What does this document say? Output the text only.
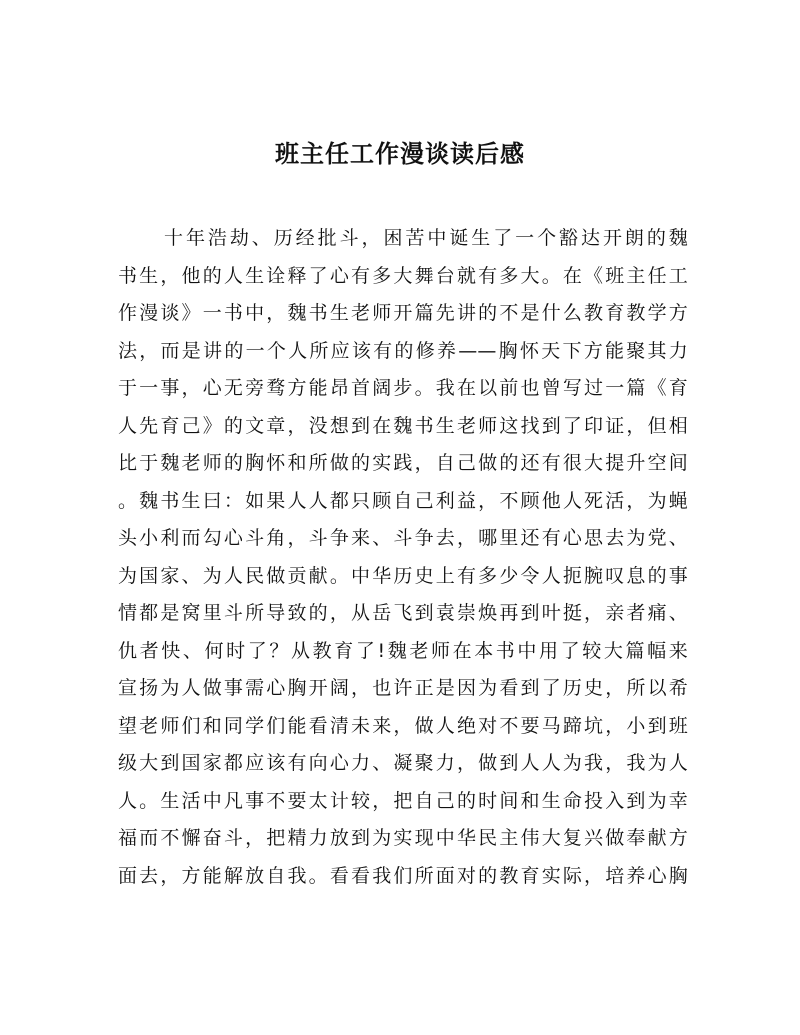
班主任工作漫谈读后感
十年浩劫、历经批斗，困苦中诞生了一个豁达开朗的魏
书生，他的人生诠释了心有多大舞台就有多大。在《班主任工
作漫谈》一书中，魏书生老师开篇先讲的不是什么教育教学方
法，而是讲的一个人所应该有的修养——胸怀天下方能聚其力
于一事，心无旁骛方能昂首阔步。我在以前也曾写过一篇《育
人先育己》的文章，没想到在魏书生老师这找到了印证，但相
比于魏老师的胸怀和所做的实践，自己做的还有很大提升空间
。魏书生曰：如果人人都只顾自己利益，不顾他人死活，为蝇
头小利而勾心斗角，斗争来、斗争去，哪里还有心思去为党、
为国家、为人民做贡献。中华历史上有多少令人扼腕叹息的事
情都是窝里斗所导致的，从岳飞到袁崇焕再到叶挺，亲者痛、
仇者快、何时了？从教育了!魏老师在本书中用了较大篇幅来
宣扬为人做事需心胸开阔，也许正是因为看到了历史，所以希
望老师们和同学们能看清未来，做人绝对不要马蹄坑，小到班
级大到国家都应该有向心力、凝聚力，做到人人为我，我为人
人。生活中凡事不要太计较，把自己的时间和生命投入到为幸
福而不懈奋斗，把精力放到为实现中华民主伟大复兴做奉献方
面去，方能解放自我。看看我们所面对的教育实际，培养心胸
